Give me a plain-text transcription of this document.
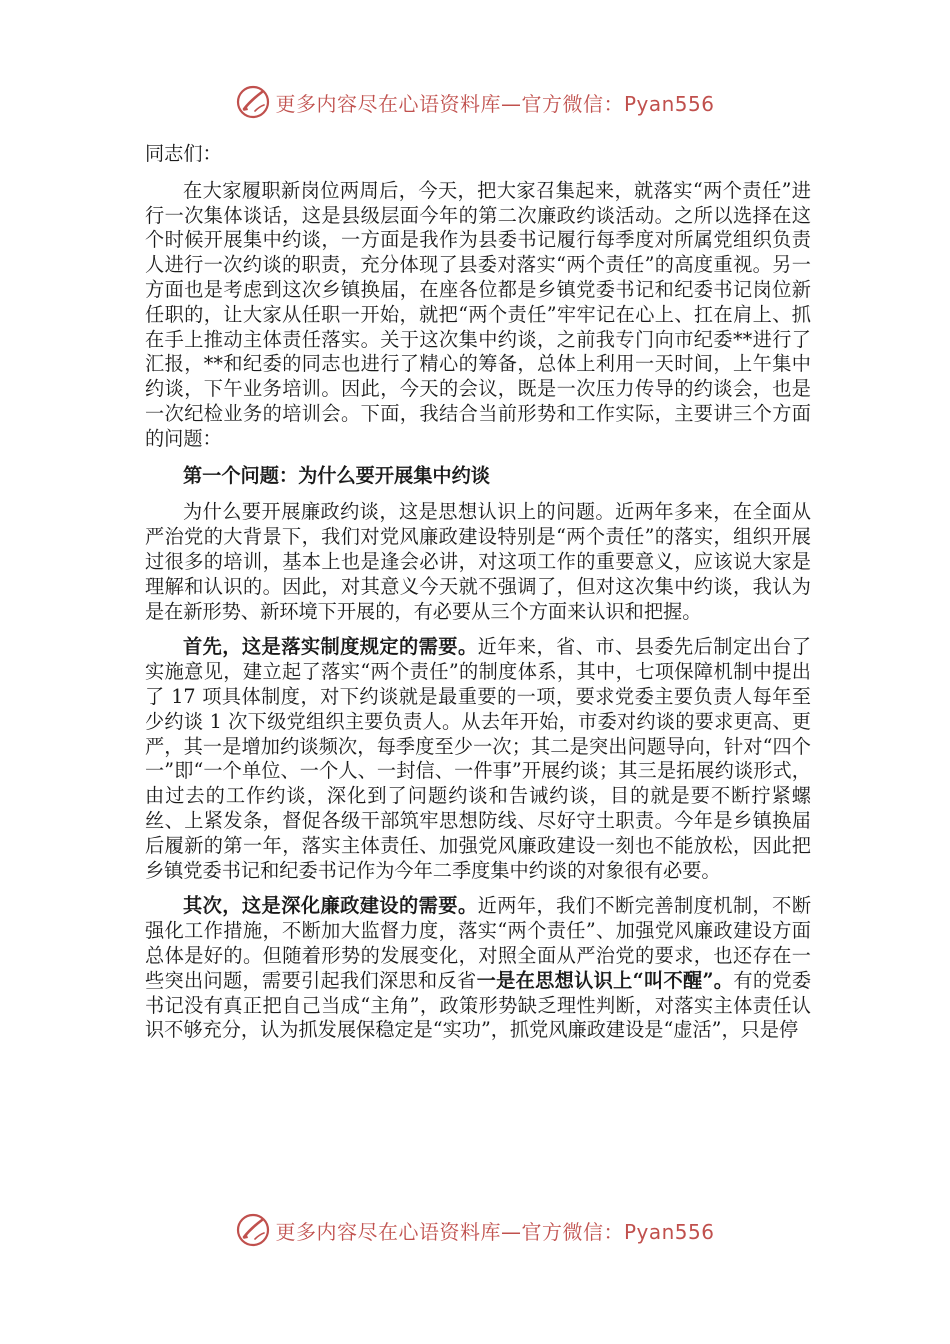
更多内容尽在心语资料库—官方微信：Pyan556

同志们：

在大家履职新岗位两周后，今天，把大家召集起来，就落实“两个责任”进行一次集体谈话，这是县级层面今年的第二次廉政约谈活动。之所以选择在这个时候开展集中约谈，一方面是我作为县委书记履行每季度对所属党组织负责人进行一次约谈的职责，充分体现了县委对落实“两个责任”的高度重视。另一方面也是考虑到这次乡镇换届，在座各位都是乡镇党委书记和纪委书记岗位新任职的，让大家从任职一开始，就把“两个责任”牢牢记在心上、扛在肩上、抓在手上推动主体责任落实。关于这次集中约谈，之前我专门向市纪委**进行了汇报，**和纪委的同志也进行了精心的筹备，总体上利用一天时间，上午集中约谈，下午业务培训。因此，今天的会议，既是一次压力传导的约谈会，也是一次纪检业务的培训会。下面，我结合当前形势和工作实际，主要讲三个方面的问题：

第一个问题：为什么要开展集中约谈

为什么要开展廉政约谈，这是思想认识上的问题。近两年多来，在全面从严治党的大背景下，我们对党风廉政建设特别是“两个责任”的落实，组织开展过很多的培训，基本上也是逢会必讲，对这项工作的重要意义，应该说大家是理解和认识的。因此，对其意义今天就不强调了，但对这次集中约谈，我认为是在新形势、新环境下开展的，有必要从三个方面来认识和把握。

首先，这是落实制度规定的需要。近年来，省、市、县委先后制定出台了实施意见，建立起了落实“两个责任”的制度体系，其中，七项保障机制中提出了 17 项具体制度，对下约谈就是最重要的一项，要求党委主要负责人每年至少约谈 1 次下级党组织主要负责人。从去年开始，市委对约谈的要求更高、更严，其一是增加约谈频次，每季度至少一次；其二是突出问题导向，针对“四个一”即“一个单位、一个人、一封信、一件事”开展约谈；其三是拓展约谈形式，由过去的工作约谈，深化到了问题约谈和告诫约谈，目的就是要不断拧紧螺丝、上紧发条，督促各级干部筑牢思想防线、尽好守土职责。今年是乡镇换届后履新的第一年，落实主体责任、加强党风廉政建设一刻也不能放松，因此把乡镇党委书记和纪委书记作为今年二季度集中约谈的对象很有必要。

其次，这是深化廉政建设的需要。近两年，我们不断完善制度机制，不断强化工作措施，不断加大监督力度，落实“两个责任”、加强党风廉政建设方面总体是好的。但随着形势的发展变化，对照全面从严治党的要求，也还存在一些突出问题，需要引起我们深思和反省一是在思想认识上“叫不醒”。有的党委书记没有真正把自己当成“主角”，政策形势缺乏理性判断，对落实主体责任认识不够充分，认为抓发展保稳定是“实功”，抓党风廉政建设是“虚活”，只是停

更多内容尽在心语资料库—官方微信：Pyan556
